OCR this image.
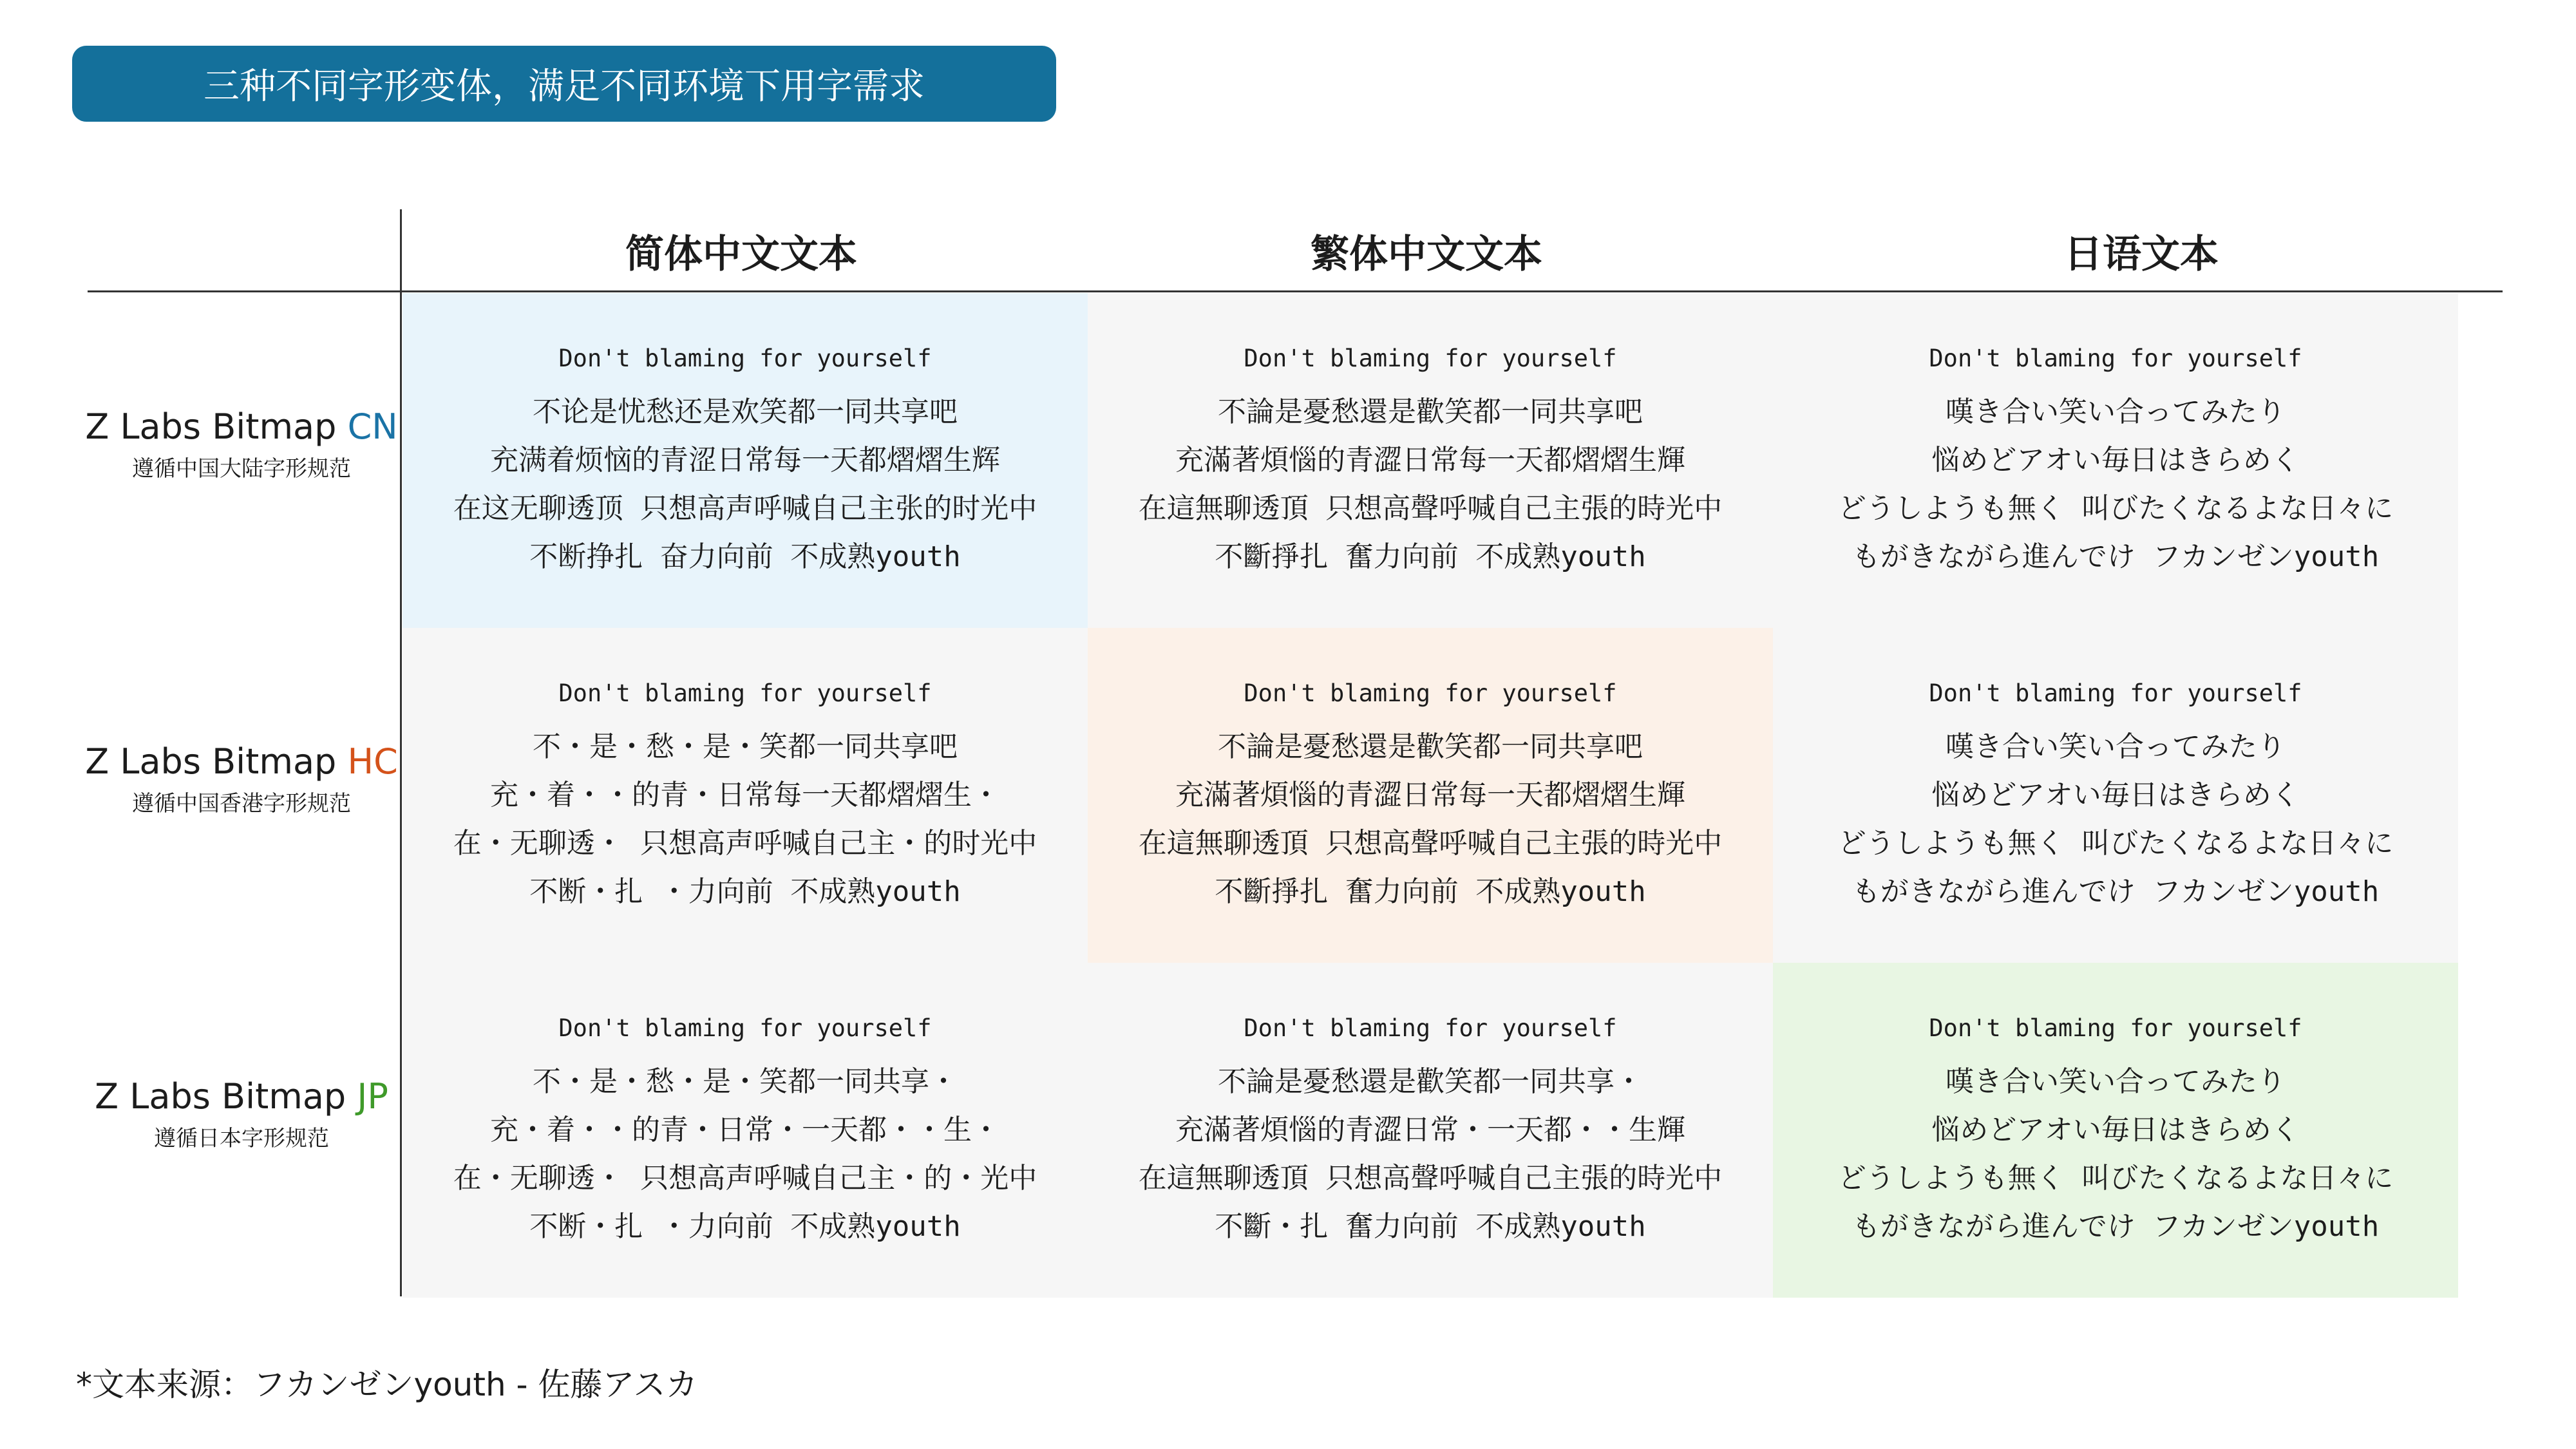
三种不同字形变体，满足不同环境下用字需求
简体中文文本	繁体中文文本	日语文本
Z Labs Bitmap CN
遵循中国大陆字形规范
Z Labs Bitmap HC
遵循中国香港字形规范
Z Labs Bitmap JP
遵循日本字形规范
Don't blaming for yourself
不论是忧愁还是欢笑都一同共享吧
充满着烦恼的青涩日常每一天都熠熠生辉
在这无聊透顶 只想高声呼喊自己主张的时光中
不断挣扎 奋力向前 不成熟youth
Don't blaming for yourself
不論是憂愁還是歡笑都一同共享吧
充滿著煩惱的青澀日常每一天都熠熠生輝
在這無聊透頂 只想高聲呼喊自己主張的時光中
不斷掙扎 奮力向前 不成熟youth
Don't blaming for yourself
嘆き合い笑い合ってみたり
悩めどアオい毎日はきらめく
どうしようも無く 叫びたくなるよな日々に
もがきながら進んでけ フカンゼンyouth
Don't blaming for yourself
不・是・愁・是・笑都一同共享吧
充・着・・的青・日常每一天都熠熠生・
在・无聊透・ 只想高声呼喊自己主・的时光中
不断・扎 ・力向前 不成熟youth
Don't blaming for yourself
不論是憂愁還是歡笑都一同共享吧
充滿著煩惱的青澀日常每一天都熠熠生輝
在這無聊透頂 只想高聲呼喊自己主張的時光中
不斷掙扎 奮力向前 不成熟youth
Don't blaming for yourself
嘆き合い笑い合ってみたり
悩めどアオい毎日はきらめく
どうしようも無く 叫びたくなるよな日々に
もがきながら進んでけ フカンゼンyouth
Don't blaming for yourself
不・是・愁・是・笑都一同共享・
充・着・・的青・日常・一天都・・生・
在・无聊透・ 只想高声呼喊自己主・的・光中
不断・扎 ・力向前 不成熟youth
Don't blaming for yourself
不論是憂愁還是歡笑都一同共享・
充滿著煩惱的青澀日常・一天都・・生輝
在這無聊透頂 只想高聲呼喊自己主張的時光中
不斷・扎 奮力向前 不成熟youth
Don't blaming for yourself
嘆き合い笑い合ってみたり
悩めどアオい毎日はきらめく
どうしようも無く 叫びたくなるよな日々に
もがきながら進んでけ フカンゼンyouth
*文本来源：フカンゼンyouth - 佐藤アスカ
